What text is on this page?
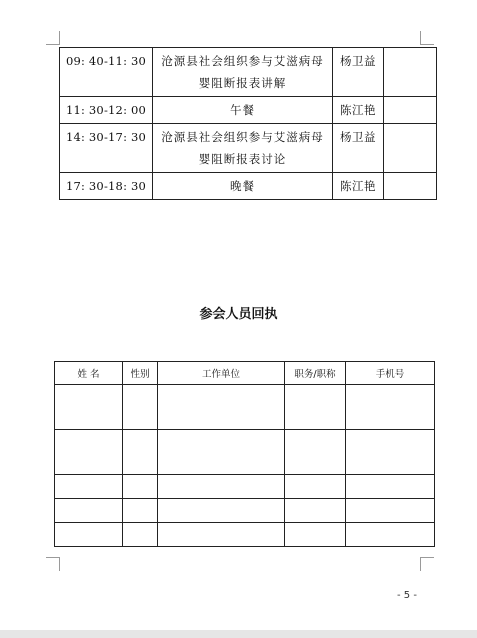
09: 40-11: 30	沧源县社会组织参与艾滋病母婴阻断报表讲解	杨卫益	
11: 30-12: 00	午餐	陈江艳	
14: 30-17: 30	沧源县社会组织参与艾滋病母婴阻断报表讨论	杨卫益	
17: 30-18: 30	晚餐	陈江艳	
参会人员回执
姓 名	性别	工作单位	职务/职称	手机号

- 5 -
